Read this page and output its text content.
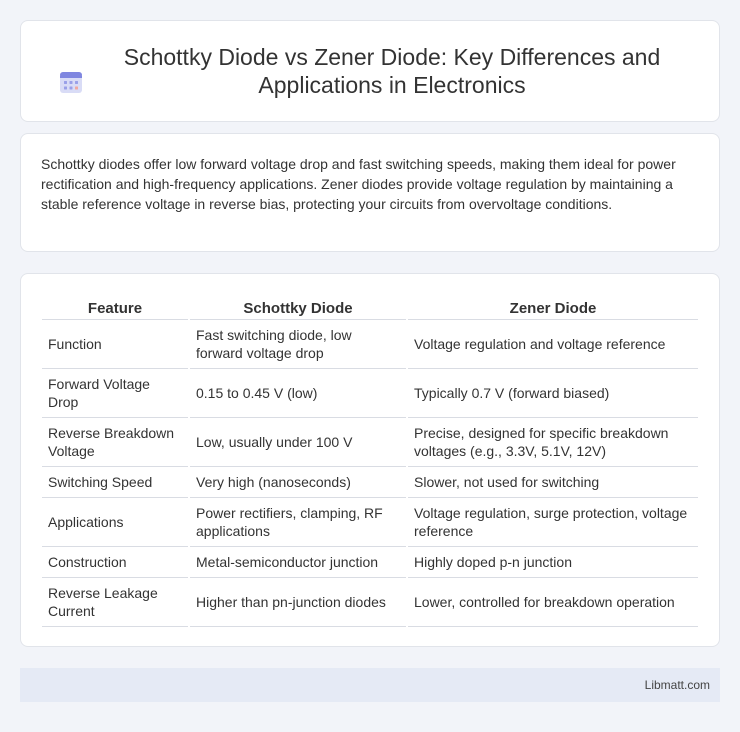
Schottky Diode vs Zener Diode: Key Differences and Applications in Electronics

Schottky diodes offer low forward voltage drop and fast switching speeds, making them ideal for power rectification and high-frequency applications. Zener diodes provide voltage regulation by maintaining a stable reference voltage in reverse bias, protecting your circuits from overvoltage conditions.

Feature	Schottky Diode	Zener Diode
Function	Fast switching diode, low forward voltage drop	Voltage regulation and voltage reference
Forward Voltage Drop	0.15 to 0.45 V (low)	Typically 0.7 V (forward biased)
Reverse Breakdown Voltage	Low, usually under 100 V	Precise, designed for specific breakdown voltages (e.g., 3.3V, 5.1V, 12V)
Switching Speed	Very high (nanoseconds)	Slower, not used for switching
Applications	Power rectifiers, clamping, RF applications	Voltage regulation, surge protection, voltage reference
Construction	Metal-semiconductor junction	Highly doped p-n junction
Reverse Leakage Current	Higher than pn-junction diodes	Lower, controlled for breakdown operation
Libmatt.com
